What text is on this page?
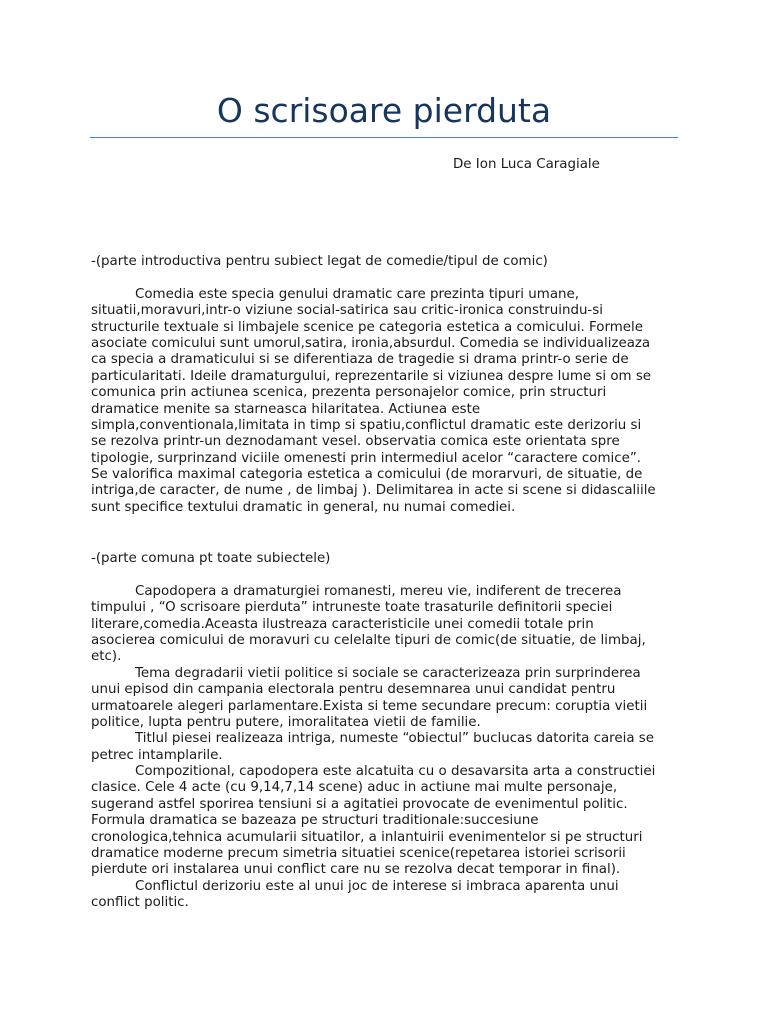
O scrisoare pierduta
De Ion Luca Caragiale
-(parte introductiva pentru subiect legat de comedie/tipul de comic)
Comedia este specia genului dramatic care prezinta tipuri umane,
situatii,moravuri,intr-o viziune social-satirica sau critic-ironica construindu-si
structurile textuale si limbajele scenice pe categoria estetica a comicului. Formele
asociate comicului sunt umorul,satira, ironia,absurdul. Comedia se individualizeaza
ca specia a dramaticului si se diferentiaza de tragedie si drama printr-o serie de
particularitati. Ideile dramaturgului, reprezentarile si viziunea despre lume si om se
comunica prin actiunea scenica, prezenta personajelor comice, prin structuri
dramatice menite sa starneasca hilaritatea. Actiunea este
simpla,conventionala,limitata in timp si spatiu,conflictul dramatic este derizoriu si
se rezolva printr-un deznodamant vesel. observatia comica este orientata spre
tipologie, surprinzand viciile omenesti prin intermediul acelor “caractere comice”.
Se valorifica maximal categoria estetica a comicului (de morarvuri, de situatie, de
intriga,de caracter, de nume , de limbaj ). Delimitarea in acte si scene si didascaliile
sunt specifice textului dramatic in general, nu numai comediei.
-(parte comuna pt toate subiectele)
Capodopera a dramaturgiei romanesti, mereu vie, indiferent de trecerea
timpului , “O scrisoare pierduta” intruneste toate trasaturile definitorii speciei
literare,comedia.Aceasta ilustreaza caracteristicile unei comedii totale prin
asocierea comicului de moravuri cu celelalte tipuri de comic(de situatie, de limbaj,
etc).
Tema degradarii vietii politice si sociale se caracterizeaza prin surprinderea
unui episod din campania electorala pentru desemnarea unui candidat pentru
urmatoarele alegeri parlamentare.Exista si teme secundare precum: coruptia vietii
politice, lupta pentru putere, imoralitatea vietii de familie.
Titlul piesei realizeaza intriga, numeste “obiectul” buclucas datorita careia se
petrec intamplarile.
Compozitional, capodopera este alcatuita cu o desavarsita arta a constructiei
clasice. Cele 4 acte (cu 9,14,7,14 scene) aduc in actiune mai multe personaje,
sugerand astfel sporirea tensiuni si a agitatiei provocate de evenimentul politic.
Formula dramatica se bazeaza pe structuri traditionale:succesiune
cronologica,tehnica acumularii situatilor, a inlantuirii evenimentelor si pe structuri
dramatice moderne precum simetria situatiei scenice(repetarea istoriei scrisorii
pierdute ori instalarea unui conflict care nu se rezolva decat temporar in final).
Conflictul derizoriu este al unui joc de interese si imbraca aparenta unui
conflict politic.
